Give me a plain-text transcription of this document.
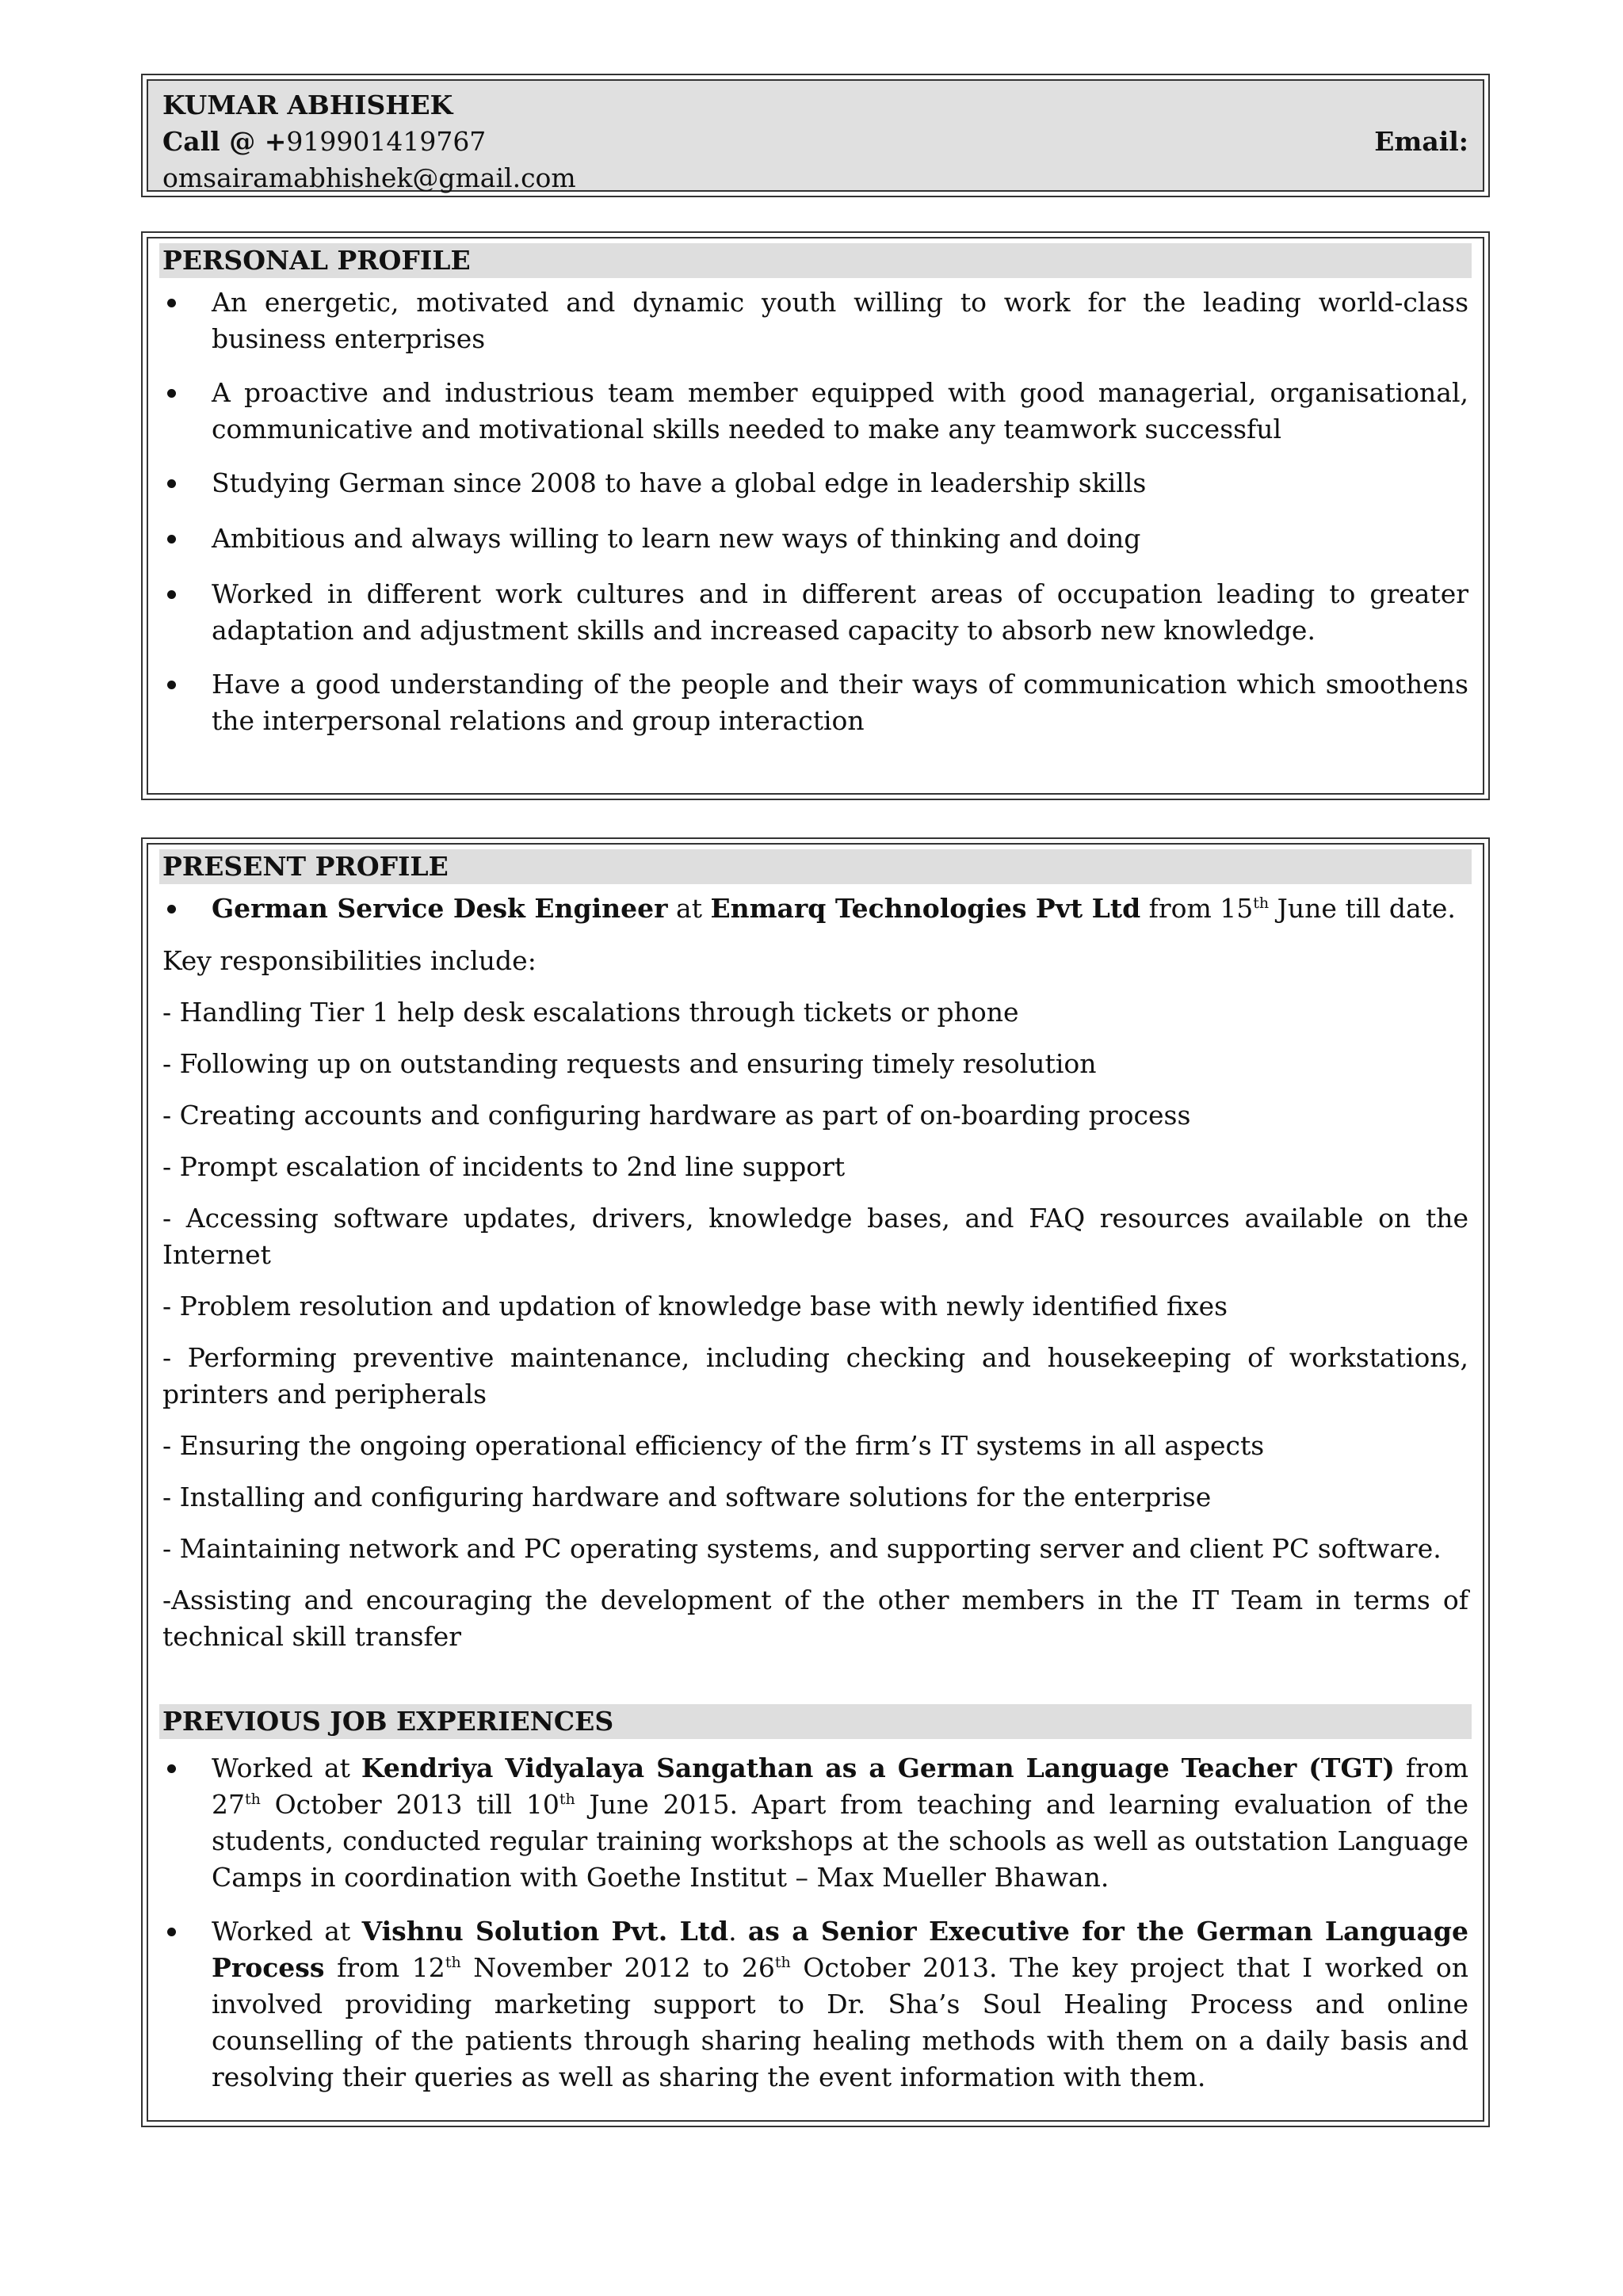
KUMAR ABHISHEK
Call @ +919901419767	Email:
omsairamabhishek@gmail.com
PERSONAL PROFILE
An energetic, motivated and dynamic youth willing to work for the leading world-class business enterprises
A proactive and industrious team member equipped with good managerial, organisational, communicative and motivational skills needed to make any teamwork successful
Studying German since 2008 to have a global edge in leadership skills
Ambitious and always willing to learn new ways of thinking and doing
Worked in different work cultures and in different areas of occupation leading to greater adaptation and adjustment skills and increased capacity to absorb new knowledge.
Have a good understanding of the people and their ways of communication which smoothens the interpersonal relations and group interaction
PRESENT PROFILE
German Service Desk Engineer at Enmarq Technologies Pvt Ltd from 15th June till date.

Key responsibilities include:

- Handling Tier 1 help desk escalations through tickets or phone

- Following up on outstanding requests and ensuring timely resolution

- Creating accounts and configuring hardware as part of on-boarding process

- Prompt escalation of incidents to 2nd line support

- Accessing software updates, drivers, knowledge bases, and FAQ resources available on the Internet

- Problem resolution and updation of knowledge base with newly identified fixes

- Performing preventive maintenance, including checking and housekeeping of workstations, printers and peripherals

- Ensuring the ongoing operational efficiency of the firm’s IT systems in all aspects

- Installing and configuring hardware and software solutions for the enterprise

- Maintaining network and PC operating systems, and supporting server and client PC software.

-Assisting and encouraging the development of the other members in the IT Team in terms of technical skill transfer

PREVIOUS JOB EXPERIENCES
Worked at Kendriya Vidyalaya Sangathan as a German Language Teacher (TGT) from 27th October 2013 till 10th June 2015. Apart from teaching and learning evaluation of the students, conducted regular training workshops at the schools as well as outstation Language Camps in coordination with Goethe Institut – Max Mueller Bhawan.
Worked at Vishnu Solution Pvt. Ltd. as a Senior Executive for the German Language Process from 12th November 2012 to 26th October 2013. The key project that I worked on involved providing marketing support to Dr. Sha’s Soul Healing Process and online counselling of the patients through sharing healing methods with them on a daily basis and resolving their queries as well as sharing the event information with them.
